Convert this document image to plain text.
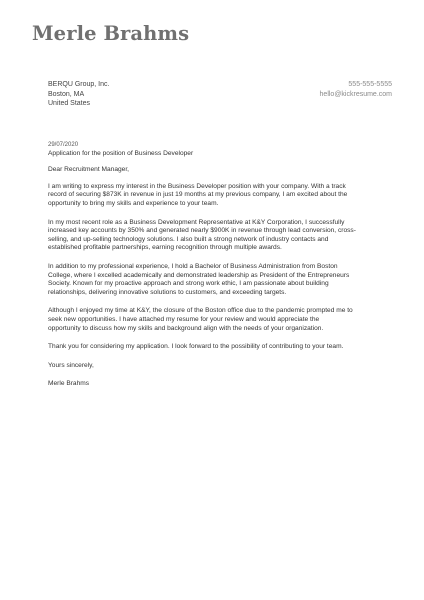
Merle Brahms
BERQU Group, Inc.
Boston, MA
United States
555-555-5555
hello@kickresume.com
29/07/2020
Application for the position of Business Developer
Dear Recruitment Manager,
I am writing to express my interest in the Business Developer position with your company. With a track
record of securing $873K in revenue in just 19 months at my previous company, I am excited about the
opportunity to bring my skills and experience to your team.
In my most recent role as a Business Development Representative at K&Y Corporation, I successfully
increased key accounts by 350% and generated nearly $900K in revenue through lead conversion, cross-
selling, and up-selling technology solutions. I also built a strong network of industry contacts and
established profitable partnerships, earning recognition through multiple awards.
In addition to my professional experience, I hold a Bachelor of Business Administration from Boston
College, where I excelled academically and demonstrated leadership as President of the Entrepreneurs
Society. Known for my proactive approach and strong work ethic, I am passionate about building
relationships, delivering innovative solutions to customers, and exceeding targets.
Although I enjoyed my time at K&Y, the closure of the Boston office due to the pandemic prompted me to
seek new opportunities. I have attached my resume for your review and would appreciate the
opportunity to discuss how my skills and background align with the needs of your organization.
Thank you for considering my application. I look forward to the possibility of contributing to your team.
Yours sincerely,
Merle Brahms
